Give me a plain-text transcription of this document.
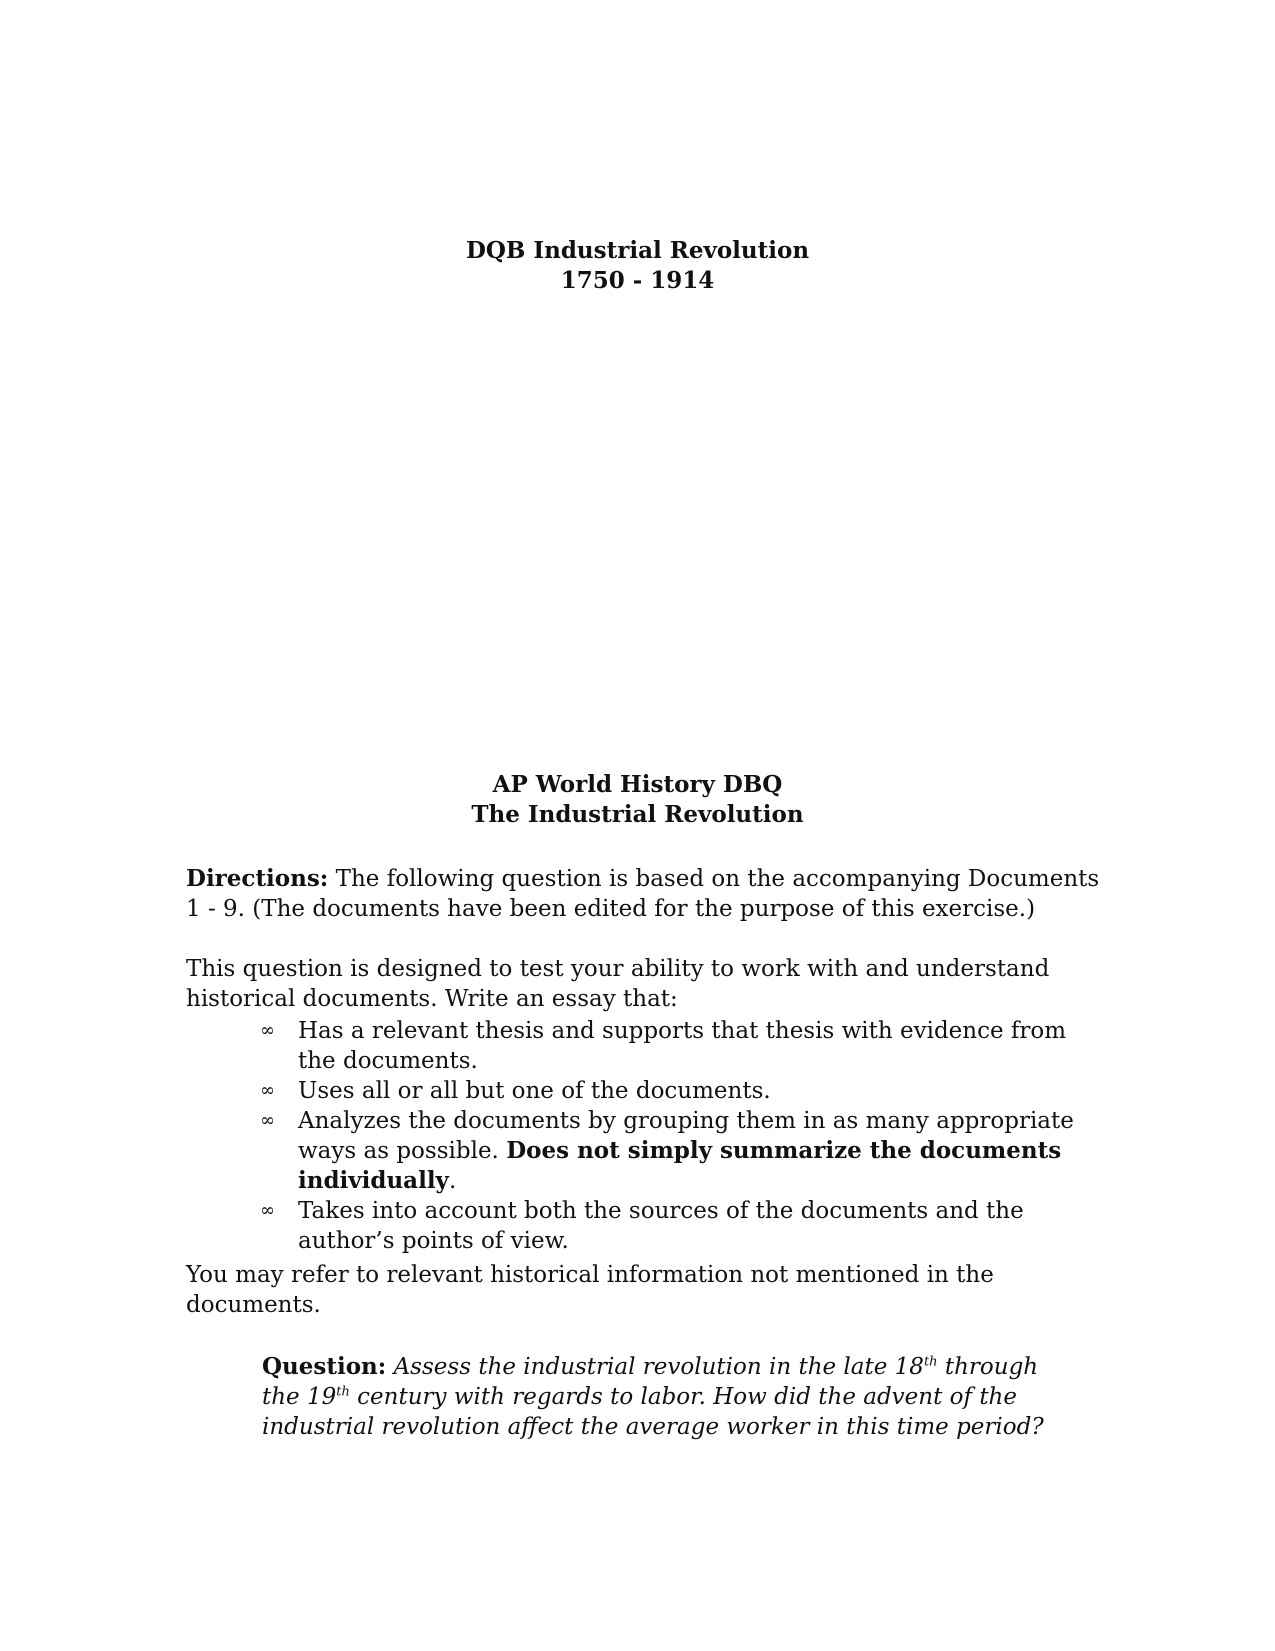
DQB Industrial Revolution
1750 - 1914
AP World History DBQ
The Industrial Revolution
Directions: The following question is based on the accompanying Documents 1 - 9. (The documents have been edited for the purpose of this exercise.)
This question is designed to test your ability to work with and understand historical documents. Write an essay that:
∞ Has a relevant thesis and supports that thesis with evidence from the documents.
∞ Uses all or all but one of the documents.
∞ Analyzes the documents by grouping them in as many appropriate ways as possible. Does not simply summarize the documents individually.
∞ Takes into account both the sources of the documents and the author’s points of view.
You may refer to relevant historical information not mentioned in the documents.
Question: Assess the industrial revolution in the late 18th through the 19th century with regards to labor. How did the advent of the industrial revolution affect the average worker in this time period?
